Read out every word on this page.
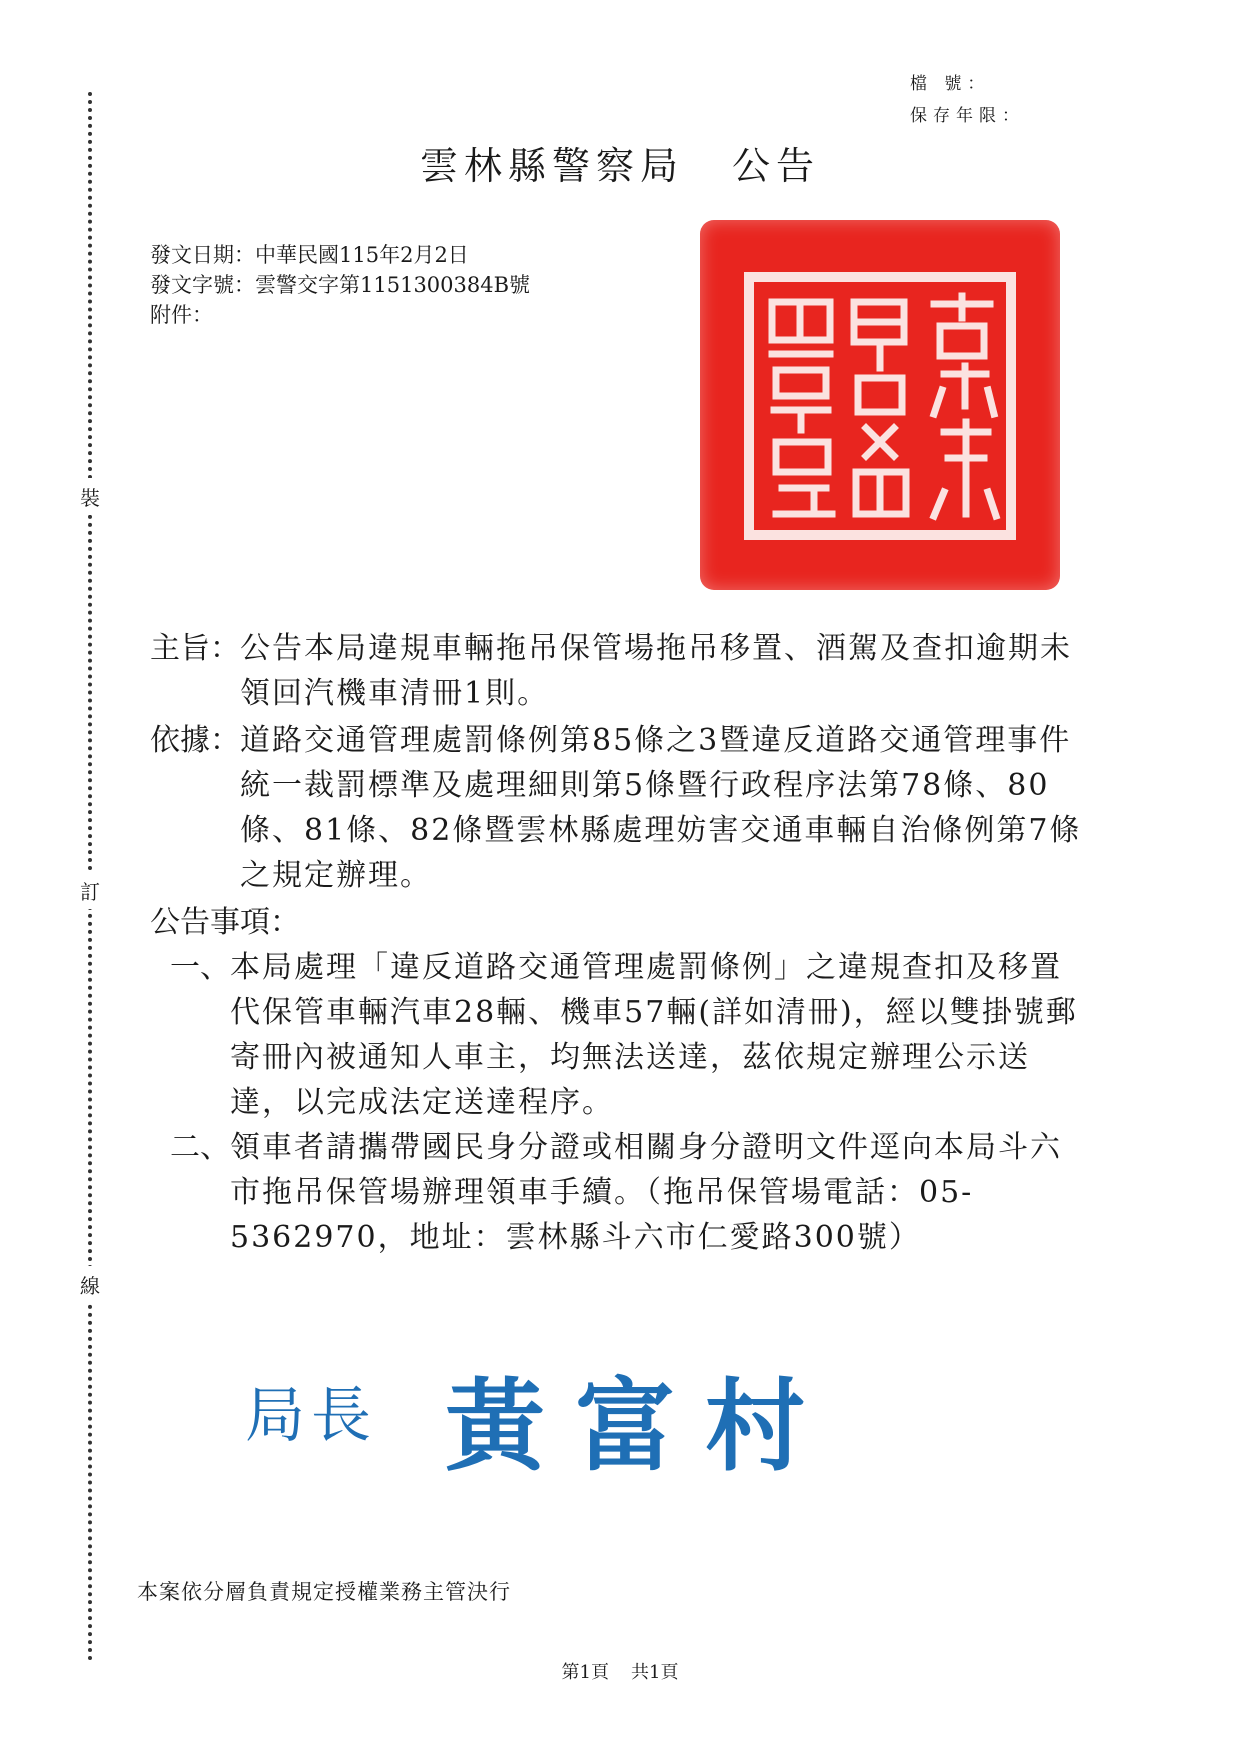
裝
訂
線
檔 號：
保存年限：
雲林縣警察局 公告
發文日期：中華民國115年2月2日
發文字號：雲警交字第1151300384B號
附件：
主旨： 公告本局違規車輛拖吊保管場拖吊移置、酒駕及查扣逾期未領回汽機車清冊1則。
依據： 道路交通管理處罰條例第85條之3暨違反道路交通管理事件統一裁罰標準及處理細則第5條暨行政程序法第78條、80條、81條、82條暨雲林縣處理妨害交通車輛自治條例第7條之規定辦理。
公告事項：
一、 本局處理「違反道路交通管理處罰條例」之違規查扣及移置代保管車輛汽車28輛、機車57輛(詳如清冊)，經以雙掛號郵寄冊內被通知人車主，均無法送達，茲依規定辦理公示送達，以完成法定送達程序。
二、 領車者請攜帶國民身分證或相關身分證明文件逕向本局斗六市拖吊保管場辦理領車手續。（拖吊保管場電話：05-5362970，地址：雲林縣斗六市仁愛路300號）
局長 黃富村
本案依分層負責規定授權業務主管決行
第1頁 共1頁
